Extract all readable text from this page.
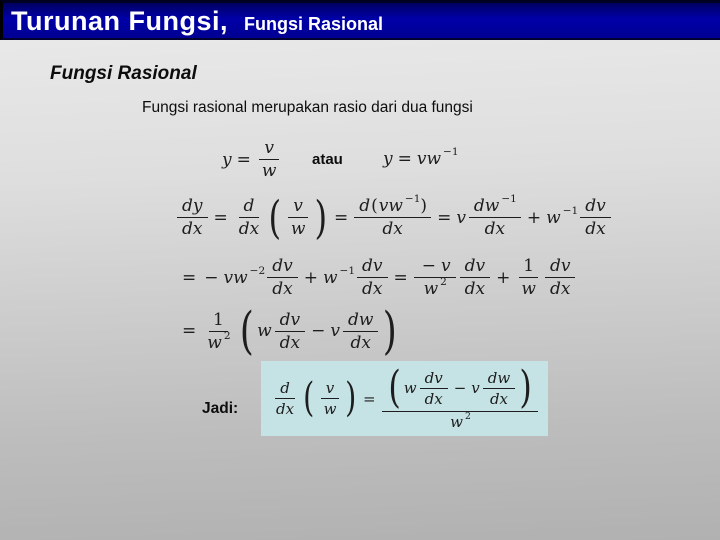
Turunan Fungsi, Fungsi Rasional
Fungsi Rasional

Fungsi rasional merupakan rasio dari dua fungsi

$y = \frac{v}{w}$ atau y = vw −1
$\frac{dy}{dx} = \frac{d}{dx}$ ( v
w ) = $\frac{d ( vw -1 )}{dx} = v$
dw −1
dx
+ w −1 dv
dx
= − vw −2 dv
dx
+ $w -1 \frac{dv}{dx} = \frac{- v}{w 2}$ dv
dx
+ $\frac{1}{w}$ dv
dx
= $\frac{1}{w 2}$ ( w
dv
dx
− v
dw
dx )
Jadi:
d
dx ( v
w ) = ( w
dv
dx
− v
dw
dx )
w 2
